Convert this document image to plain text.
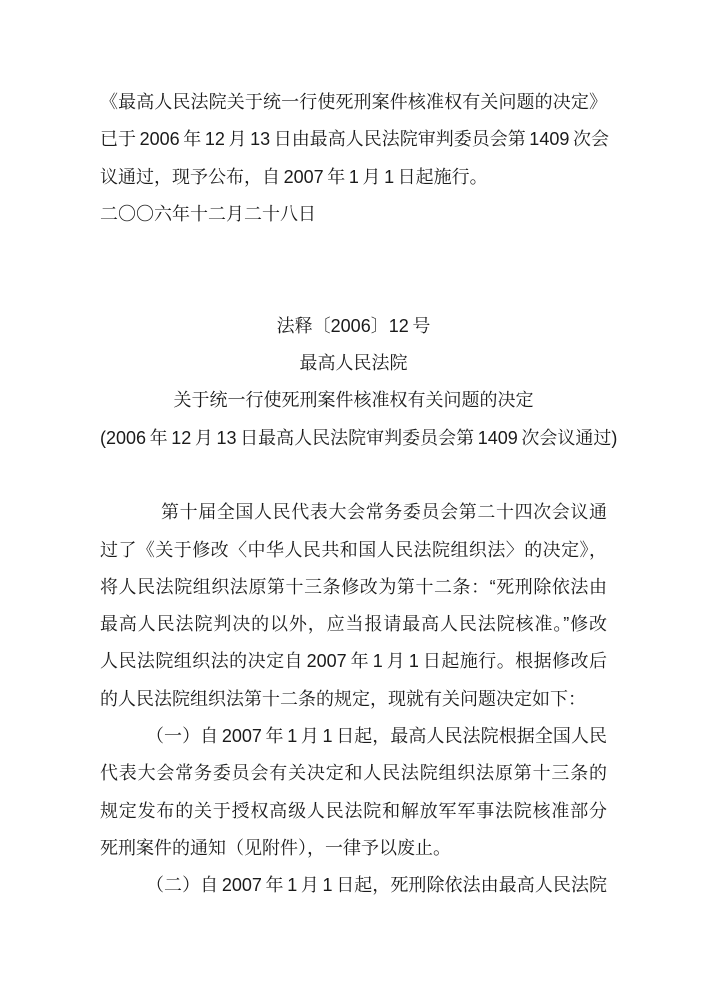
《最高人民法院关于统一行使死刑案件核准权有关问题的决定》
已于 2006 年 12 月 13 日由最高人民法院审判委员会第 1409 次会
议通过，现予公布，自 2007 年 1 月 1 日起施行。
二〇〇六年十二月二十八日
法释〔2006〕12 号
最高人民法院
关于统一行使死刑案件核准权有关问题的决定
(2006 年 12 月 13 日最高人民法院审判委员会第 1409 次会议通过)
第十届全国人民代表大会常务委员会第二十四次会议通
过了《关于修改〈中华人民共和国人民法院组织法〉的决定》，
将人民法院组织法原第十三条修改为第十二条：“死刑除依法由
最高人民法院判决的以外，应当报请最高人民法院核准。”修改
人民法院组织法的决定自 2007 年 1 月 1 日起施行。根据修改后
的人民法院组织法第十二条的规定，现就有关问题决定如下：
（一）自 2007 年 1 月 1 日起，最高人民法院根据全国人民
代表大会常务委员会有关决定和人民法院组织法原第十三条的
规定发布的关于授权高级人民法院和解放军军事法院核准部分
死刑案件的通知（见附件），一律予以废止。
（二）自 2007 年 1 月 1 日起，死刑除依法由最高人民法院
